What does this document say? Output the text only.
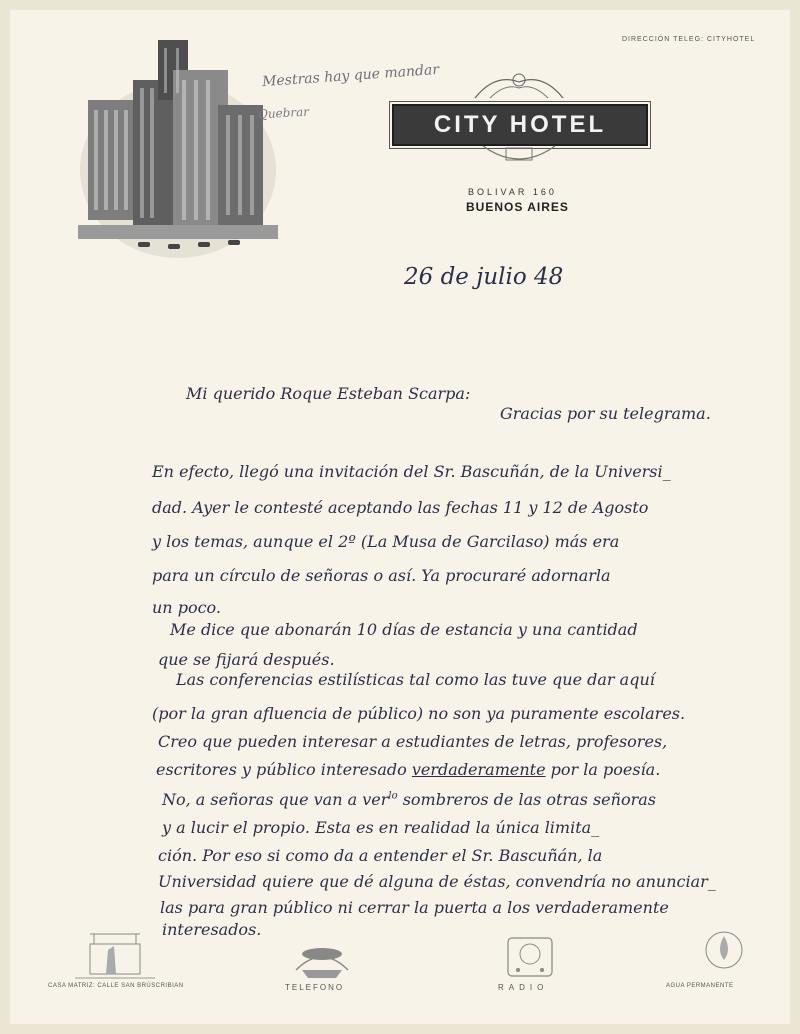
DIRECCIÓN TELEG: CITYHOTEL
Mestras hay que mandar
Quebrar	CITY HOTEL
BOLIVAR 160
BUENOS AIRES
26 de julio 48
Mi querido Roque Esteban Scarpa:
Gracias por su telegrama.
En efecto, llegó una invitación del Sr. Bascuñán, de la Universi_
dad. Ayer le contesté aceptando las fechas 11 y 12 de Agosto
y los temas, aunque el 2º (La Musa de Garcilaso) más era
para un círculo de señoras o así. Ya procuraré adornarla
un poco.
Me dice que abonarán 10 días de estancia y una cantidad
que se fijará después.
Las conferencias estilísticas tal como las tuve que dar aquí
(por la gran afluencia de público) no son ya puramente escolares.
Creo que pueden interesar a estudiantes de letras, profesores,
escritores y público interesado verdaderamente por la poesía.
No, a señoras que van a ver$^{lo}$ sombreros de las otras señoras
y a lucir el propio. Esta es en realidad la única limita_
ción. Por eso si como da a entender el Sr. Bascuñán, la
Universidad quiere que dé alguna de éstas, convendría no anunciar_
las para gran público ni cerrar la puerta a los verdaderamente
interesados.
CASA MATRIZ: CALLE SAN BRÚSCRIBIAN	TELEFONO	RADIO	AGUA PERMANENTE
